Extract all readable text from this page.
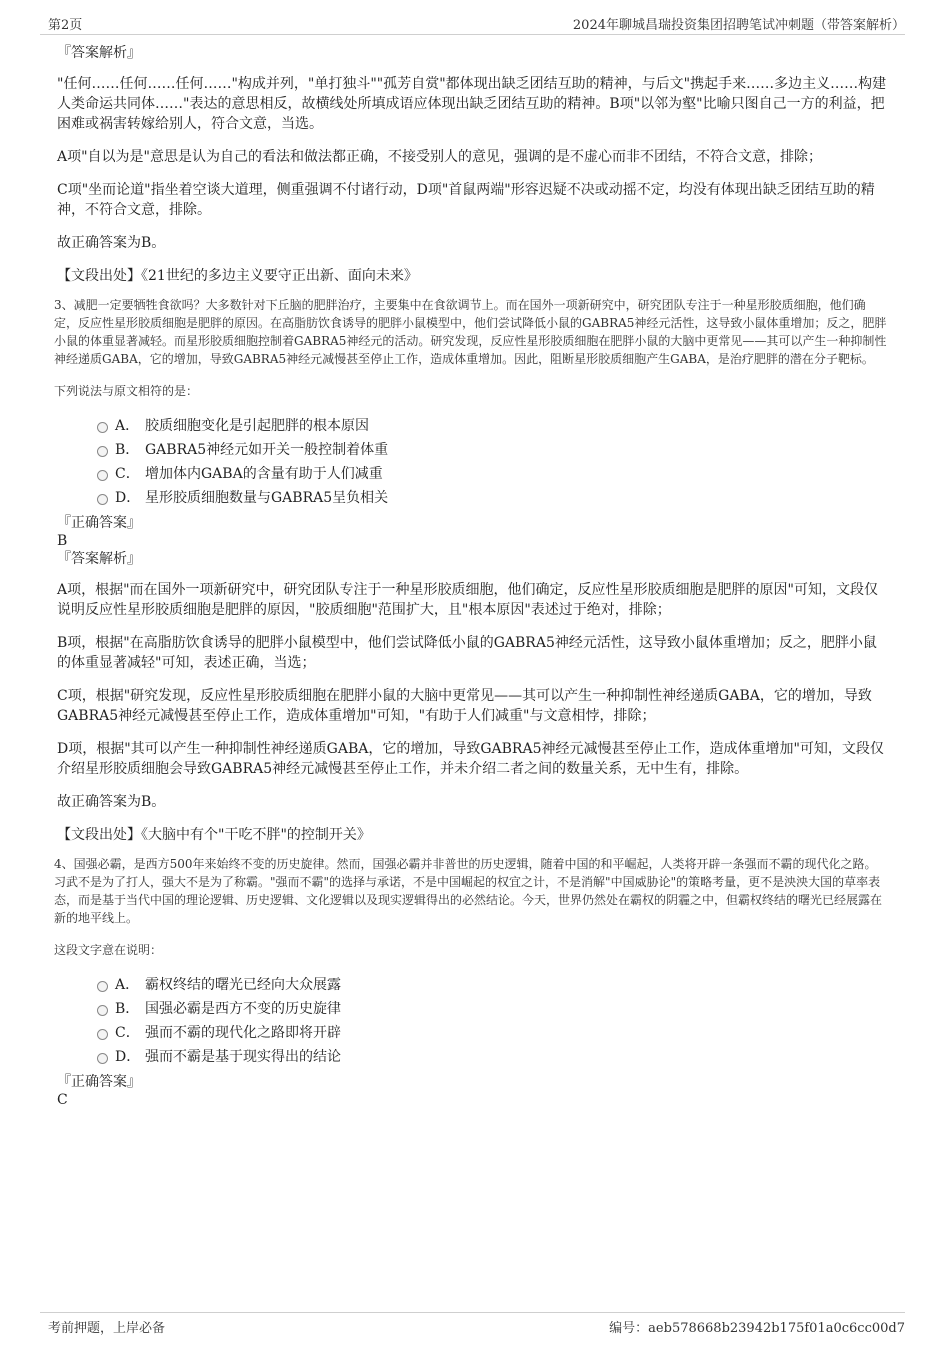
第2页	2024年聊城昌瑞投资集团招聘笔试冲刺题（带答案解析）

『答案解析』

"任何……任何……任何……"构成并列，"单打独斗""孤芳自赏"都体现出缺乏团结互助的精神，与后文"携起手来……多边主义……构建人类命运共同体……"表达的意思相反，故横线处所填成语应体现出缺乏团结互助的精神。B项"以邻为壑"比喻只图自己一方的利益，把困难或祸害转嫁给别人，符合文意，当选。

A项"自以为是"意思是认为自己的看法和做法都正确，不接受别人的意见，强调的是不虚心而非不团结，不符合文意，排除；

C项"坐而论道"指坐着空谈大道理，侧重强调不付诸行动，D项"首鼠两端"形容迟疑不决或动摇不定，均没有体现出缺乏团结互助的精神，不符合文意，排除。

故正确答案为B。

【文段出处】《21世纪的多边主义要守正出新、面向未来》

3、减肥一定要牺牲食欲吗？大多数针对下丘脑的肥胖治疗，主要集中在食欲调节上。而在国外一项新研究中，研究团队专注于一种星形胶质细胞，他们确定，反应性星形胶质细胞是肥胖的原因。在高脂肪饮食诱导的肥胖小鼠模型中，他们尝试降低小鼠的GABRA5神经元活性，这导致小鼠体重增加；反之，肥胖小鼠的体重显著减轻。而星形胶质细胞控制着GABRA5神经元的活动。研究发现，反应性星形胶质细胞在肥胖小鼠的大脑中更常见——其可以产生一种抑制性神经递质GABA，它的增加，导致GABRA5神经元减慢甚至停止工作，造成体重增加。因此，阻断星形胶质细胞产生GABA，是治疗肥胖的潜在分子靶标。

下列说法与原文相符的是：

A． 胶质细胞变化是引起肥胖的根本原因
B． GABRA5神经元如开关一般控制着体重
C． 增加体内GABA的含量有助于人们减重
D． 星形胶质细胞数量与GABRA5呈负相关

『正确答案』

B

『答案解析』

A项，根据"而在国外一项新研究中，研究团队专注于一种星形胶质细胞，他们确定，反应性星形胶质细胞是肥胖的原因"可知，文段仅说明反应性星形胶质细胞是肥胖的原因，"胶质细胞"范围扩大，且"根本原因"表述过于绝对，排除；

B项，根据"在高脂肪饮食诱导的肥胖小鼠模型中，他们尝试降低小鼠的GABRA5神经元活性，这导致小鼠体重增加；反之，肥胖小鼠的体重显著减轻"可知，表述正确，当选；

C项，根据"研究发现，反应性星形胶质细胞在肥胖小鼠的大脑中更常见——其可以产生一种抑制性神经递质GABA，它的增加，导致GABRA5神经元减慢甚至停止工作，造成体重增加"可知，"有助于人们减重"与文意相悖，排除；

D项，根据"其可以产生一种抑制性神经递质GABA，它的增加，导致GABRA5神经元减慢甚至停止工作，造成体重增加"可知，文段仅介绍星形胶质细胞会导致GABRA5神经元减慢甚至停止工作，并未介绍二者之间的数量关系，无中生有，排除。

故正确答案为B。

【文段出处】《大脑中有个"干吃不胖"的控制开关》

4、国强必霸，是西方500年来始终不变的历史旋律。然而，国强必霸并非普世的历史逻辑，随着中国的和平崛起，人类将开辟一条强而不霸的现代化之路。习武不是为了打人，强大不是为了称霸。"强而不霸"的选择与承诺，不是中国崛起的权宜之计，不是消解"中国威胁论"的策略考量，更不是泱泱大国的草率表态，而是基于当代中国的理论逻辑、历史逻辑、文化逻辑以及现实逻辑得出的必然结论。今天，世界仍然处在霸权的阴霾之中，但霸权终结的曙光已经展露在新的地平线上。

这段文字意在说明：

A． 霸权终结的曙光已经向大众展露
B． 国强必霸是西方不变的历史旋律
C． 强而不霸的现代化之路即将开辟
D． 强而不霸是基于现实得出的结论

『正确答案』

C

考前押题，上岸必备	编号：aeb578668b23942b175f01a0c6cc00d7
